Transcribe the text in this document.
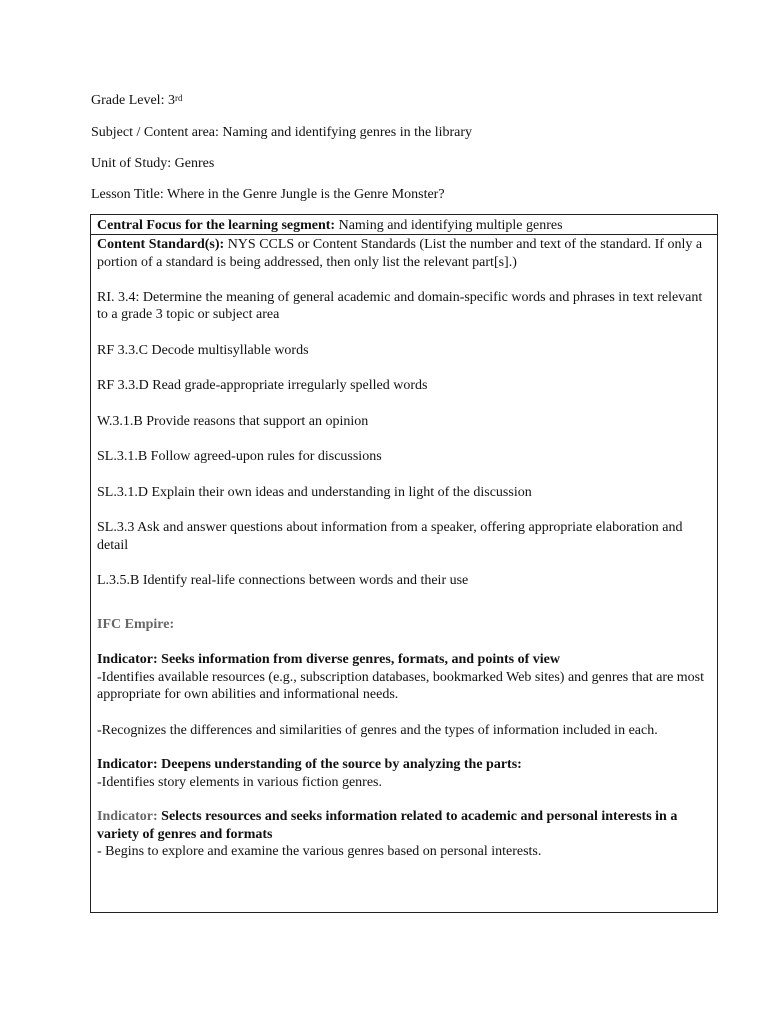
Grade Level: 3rd
Subject / Content area: Naming and identifying genres in the library
Unit of Study: Genres
Lesson Title: Where in the Genre Jungle is the Genre Monster?
Central Focus for the learning segment: Naming and identifying multiple genres

Content Standard(s): NYS CCLS or Content Standards (List the number and text of the standard. If only a portion of a standard is being addressed, then only list the relevant part[s].)

RI. 3.4: Determine the meaning of general academic and domain-specific words and phrases in text relevant to a grade 3 topic or subject area

RF 3.3.C Decode multisyllable words

RF 3.3.D Read grade-appropriate irregularly spelled words

W.3.1.B Provide reasons that support an opinion

SL.3.1.B Follow agreed-upon rules for discussions

SL.3.1.D Explain their own ideas and understanding in light of the discussion

SL.3.3 Ask and answer questions about information from a speaker, offering appropriate elaboration and detail

L.3.5.B Identify real-life connections between words and their use

IFC Empire:

Indicator: Seeks information from diverse genres, formats, and points of view

-Identifies available resources (e.g., subscription databases, bookmarked Web sites) and genres that are most appropriate for own abilities and informational needs.

-Recognizes the differences and similarities of genres and the types of information included in each.

Indicator: Deepens understanding of the source by analyzing the parts:

-Identifies story elements in various fiction genres.

Indicator: Selects resources and seeks information related to academic and personal interests in a variety of genres and formats

- Begins to explore and examine the various genres based on personal interests.
